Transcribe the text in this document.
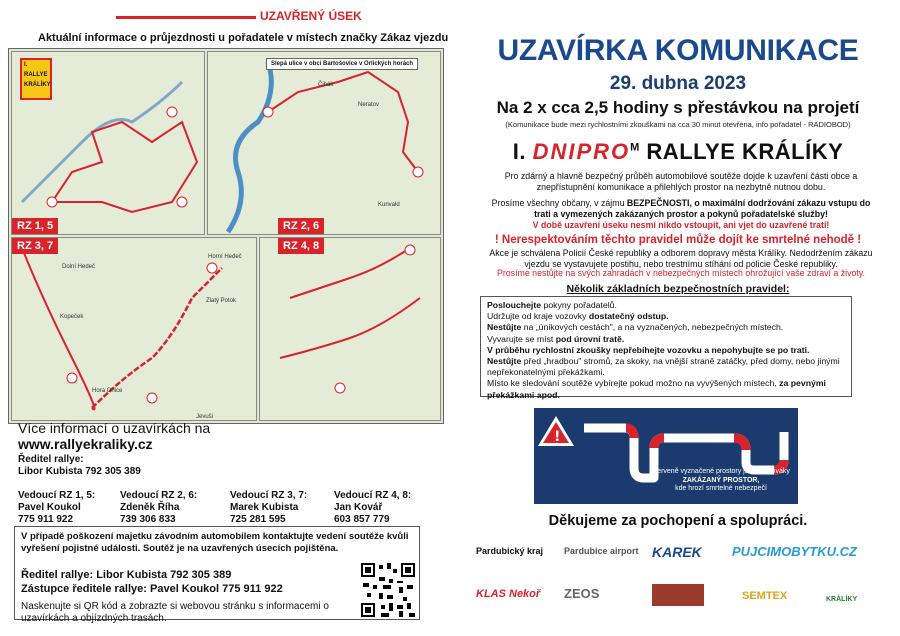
UZAVŘENÝ ÚSEK
Aktuální informace o průjezdnosti u pořadatele v místech značky Zákaz vjezdu
I.
RALLYE
KRÁLÍKY
RZ 1, 5
Slepá ulice v obci Bartošovice v Orlických horách
Čihák
Neratov
Kunvald
RZ 2, 6
Dolní Hedeč
Kopeček
Horní Hedeč
Zlatý Potok
Hora Orlice
Jevuši
RZ 3, 7	RZ 4, 8
Více informací o uzavírkách na
www.rallyekraliky.cz
Ředitel rallye:
Libor Kubista 792 305 389
Vedoucí RZ 1, 5:
Pavel Koukol
775 911 922
Vedoucí RZ 2, 6:
Zdeněk Říha
739 306 833
Vedoucí RZ 3, 7:
Marek Kubista
725 281 595
Vedoucí RZ 4, 8:
Jan Kovář
603 857 779
V případě poškození majetku závodním automobilem kontaktujte vedení soutěže kvůli vyřešení pojistné události. Soutěž je na uzavřených úsecích pojištěna.
Ředitel rallye: Libor Kubista 792 305 389
Zástupce ředitele rallye: Pavel Koukol 775 911 922
Naskenujte si QR kód a zobrazte si webovou stránku s informacemi o uzavírkách a objízdných trasách.
UZAVÍRKA KOMUNIKACE
29. dubna 2023
Na 2 x cca 2,5 hodiny s přestávkou na projetí
(Komunikace bude mezi rychlostními zkouškami na cca 30 minut otevřena, info pořadatel - RADIOBOD)
I. $DNIPRO^M$ RALLYE KRÁLÍKY
Pro zdárný a hlavně bezpečný průběh automobilové soutěže dojde k uzavření části obce a znepřístupnění komunikace a přilehlých prostor na nezbytně nutnou dobu.
Prosíme všechny občany, v zájmu BEZPEČNOSTI, o maximální dodržování zákazu vstupu do trati a vymezených zakázaných prostor a pokynů pořadatelské služby!
V době uzavření úseku nesmí nikdo vstoupit, ani vjet do uzavřené trati!
! Nerespektováním těchto pravidel může dojít ke smrtelné nehodě !
Akce je schválena Policií České republiky a odborem dopravy města Králíky. Nedodržením zákazu vjezdu se vystavujete postihu, nebo trestnímu stíhání od policie České republiky.
Prosíme nestůjte na svých zahradách v nebezpečných místech ohrožující vaše zdraví a životy.
Několik základních bezpečnostních pravidel:
Posloucheјte pokyny pořadatelů.
Udržujte od kraje vozovky dostatečný odstup.
Nestůjte na „únikových cestách", a na vyznačených, nebezpečných místech.
Vyvarujte se míst pod úrovní tratě.
V průběhu rychlostní zkoušky nepřebíhejte vozovku a nepohybujte se po trati.
Nestůjte před „hradbou" stromů, za skoky, na vnější straně zatáčky, před domy, nebo jinými nepřekonatelnými překážkami.
Místo ke sledování soutěže vybírejte pokud možno na vyvýšených místech, za pevnými překážkami apod.
!
Červeně vyznačené prostory jsou pro diváky
ZAKÁZANÝ PROSTOR,
kde hrozí smrtelné nebezpečí
Děkujeme za pochopení a spolupráci.
Pardubický kraj Pardubice airport KAREK PUJCIMOBYTKU.CZ
KLAS Nekoř ZEOS	SEMTEX	KRÁLÍKY
